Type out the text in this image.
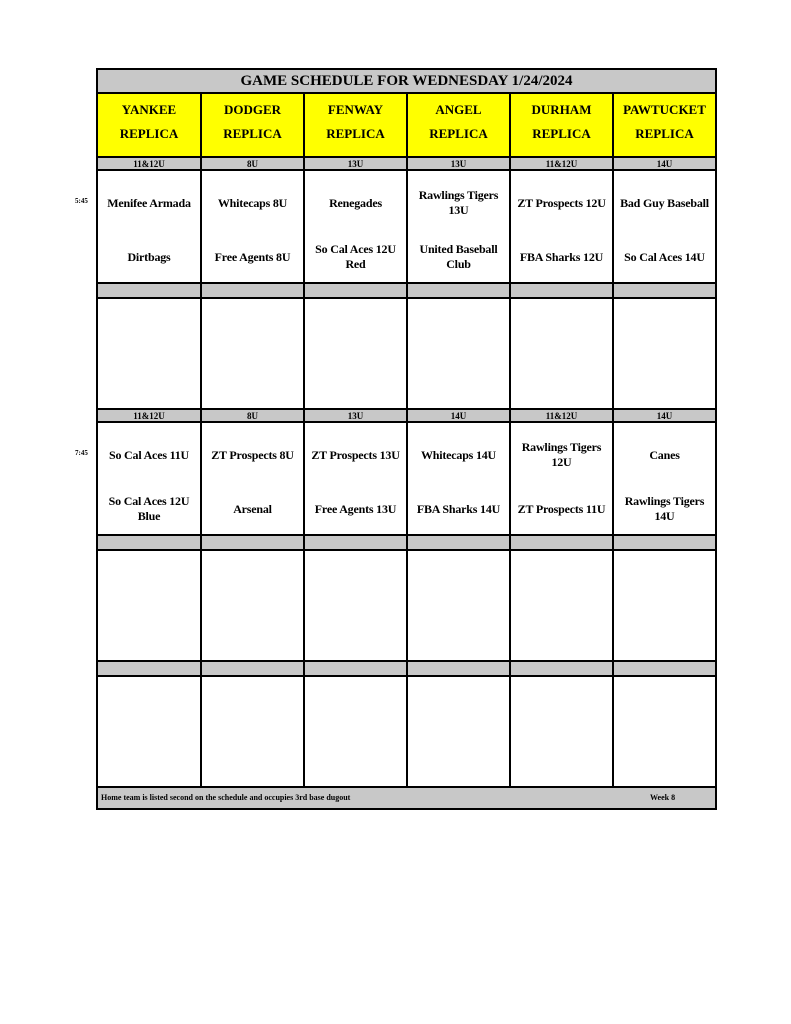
5:45
7:45
GAME SCHEDULE FOR WEDNESDAY 1/24/2024
YANKEE
REPLICA
DODGER
REPLICA
FENWAY
REPLICA
ANGEL
REPLICA
DURHAM
REPLICA
PAWTUCKET
REPLICA
11&12U
Menifee Armada
Dirtbags
8U
Whitecaps 8U
Free Agents 8U
13U
Renegades
So Cal Aces 12U Red
13U
Rawlings Tigers 13U
United Baseball Club
11&12U
ZT Prospects 12U
FBA Sharks 12U
14U
Bad Guy Baseball
So Cal Aces 14U
11&12U
So Cal Aces 11U
So Cal Aces 12U Blue
8U
ZT Prospects 8U
Arsenal
13U
ZT Prospects 13U
Free Agents 13U
14U
Whitecaps 14U
FBA Sharks 14U
11&12U
Rawlings Tigers 12U
ZT Prospects 11U
14U
Canes
Rawlings Tigers 14U
Home team is listed second on the schedule and occupies 3rd base dugout	Week 8
